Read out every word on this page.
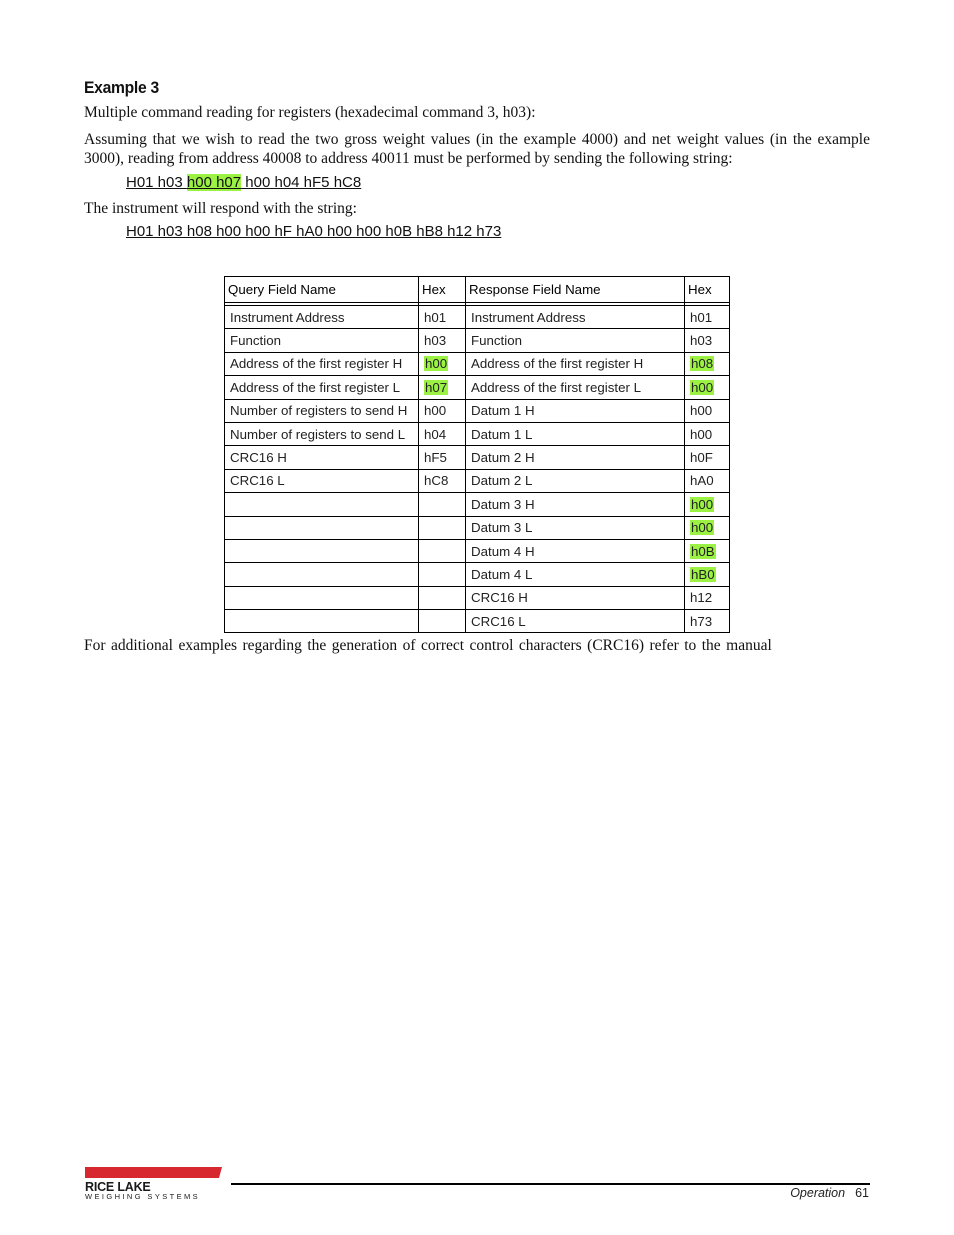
Example 3
Multiple command reading for registers (hexadecimal command 3, h03):
Assuming that we wish to read the two gross weight values (in the example 4000) and net weight values (in the example 3000), reading from address 40008 to address 40011 must be performed by sending the following string:
H01 h03 h00 h07 h00 h04 hF5 hC8
The instrument will respond with the string:
H01 h03 h08 h00 h00 hF hA0 h00 h00 h0B hB8 h12 h73
Query Field Name	Hex	Response Field Name	Hex

Instrument Address	h01	Instrument Address	h01
Function	h03	Function	h03
Address of the first register H	h00	Address of the first register H	h08
Address of the first register L	h07	Address of the first register L	h00
Number of registers to send H	h00	Datum 1 H	h00
Number of registers to send L	h04	Datum 1 L	h00
CRC16 H	hF5	Datum 2 H	h0F
CRC16 L	hC8	Datum 2 L	hA0
		Datum 3 H	h00
		Datum 3 L	h00
		Datum 4 H	h0B
		Datum 4 L	hB0
		CRC16 H	h12
		CRC16 L	h73
For additional examples regarding the generation of correct control characters (CRC16) refer to the manual
RICE LAKE
WEIGHING SYSTEMS	Operation 61
